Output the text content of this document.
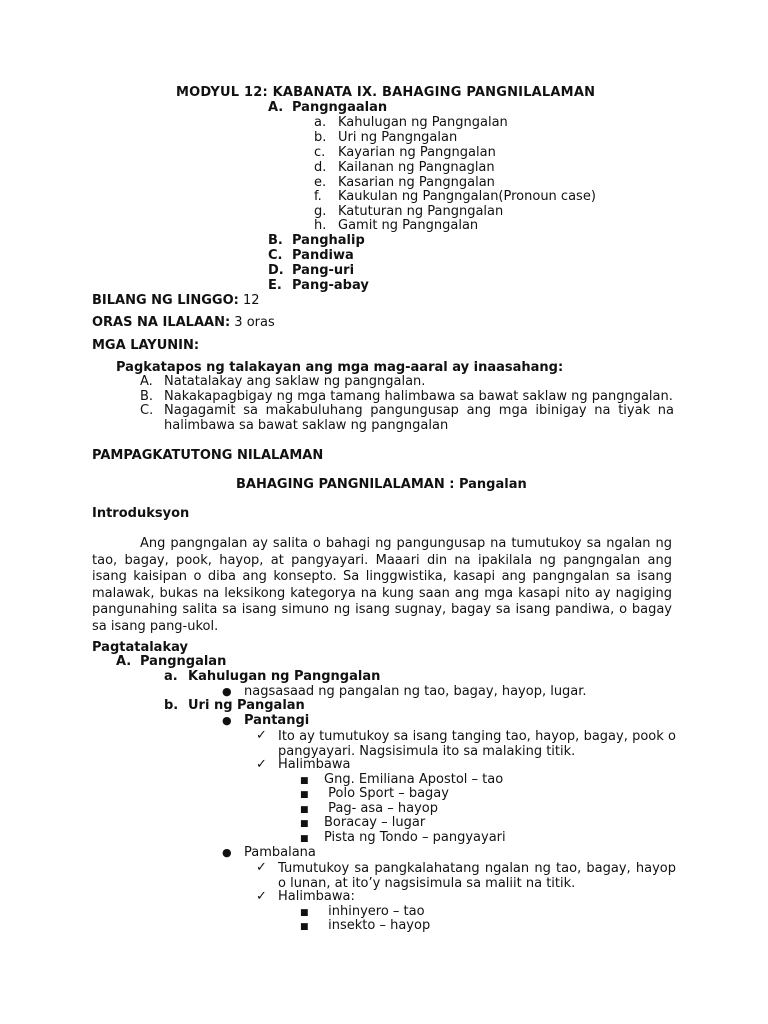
MODYUL 12: KABANATA IX. BAHAGING PANGNILALAMAN
A. Pangngaalan
a. Kahulugan ng Pangngalan
b. Uri ng Pangngalan
c. Kayarian ng Pangngalan
d. Kailanan ng Pangnaglan
e. Kasarian ng Pangngalan
f. Kaukulan ng Pangngalan(Pronoun case)
g. Katuturan ng Pangngalan
h. Gamit ng Pangngalan
B. Panghalip
C. Pandiwa
D. Pang-uri
E. Pang-abay
BILANG NG LINGGO: 12
ORAS NA ILALAAN: 3 oras
MGA LAYUNIN:
Pagkatapos ng talakayan ang mga mag-aaral ay inaasahang:
A. Natatalakay ang saklaw ng pangngalan.
B. Nakakapagbigay ng mga tamang halimbawa sa bawat saklaw ng pangngalan.
C. Nagagamit sa makabuluhang pangungusap ang mga ibinigay na tiyak na halimbawa sa bawat saklaw ng pangngalan
PAMPAGKATUTONG NILALAMAN
BAHAGING PANGNILALAMAN : Pangalan
Introduksyon
Ang pangngalan ay salita o bahagi ng pangungusap na tumutukoy sa ngalan ng tao, bagay, pook, hayop, at pangyayari. Maaari din na ipakilala ng pangngalan ang isang kaisipan o diba ang konsepto. Sa linggwistika, kasapi ang pangngalan sa isang malawak, bukas na leksikong kategorya na kung saan ang mga kasapi nito ay nagiging pangunahing salita sa isang simuno ng isang sugnay, bagay sa isang pandiwa, o bagay sa isang pang-ukol.
Pagtatalakay
A. Pangngalan
a. Kahulugan ng Pangngalan
● nagsasaad ng pangalan ng tao, bagay, hayop, lugar.
b. Uri ng Pangalan
● Pantangi
✓ Ito ay tumutukoy sa isang tanging tao, hayop, bagay, pook o pangyayari. Nagsisimula ito sa malaking titik.
✓ Halimbawa
■ Gng. Emiliana Apostol – tao
■ Polo Sport – bagay
■ Pag- asa – hayop
■ Boracay – lugar
■ Pista ng Tondo – pangyayari
● Pambalana
✓ Tumutukoy sa pangkalahatang ngalan ng tao, bagay, hayop o lunan, at ito’y nagsisimula sa maliit na titik.
✓ Halimbawa:
■ inhinyero – tao
■ insekto – hayop
